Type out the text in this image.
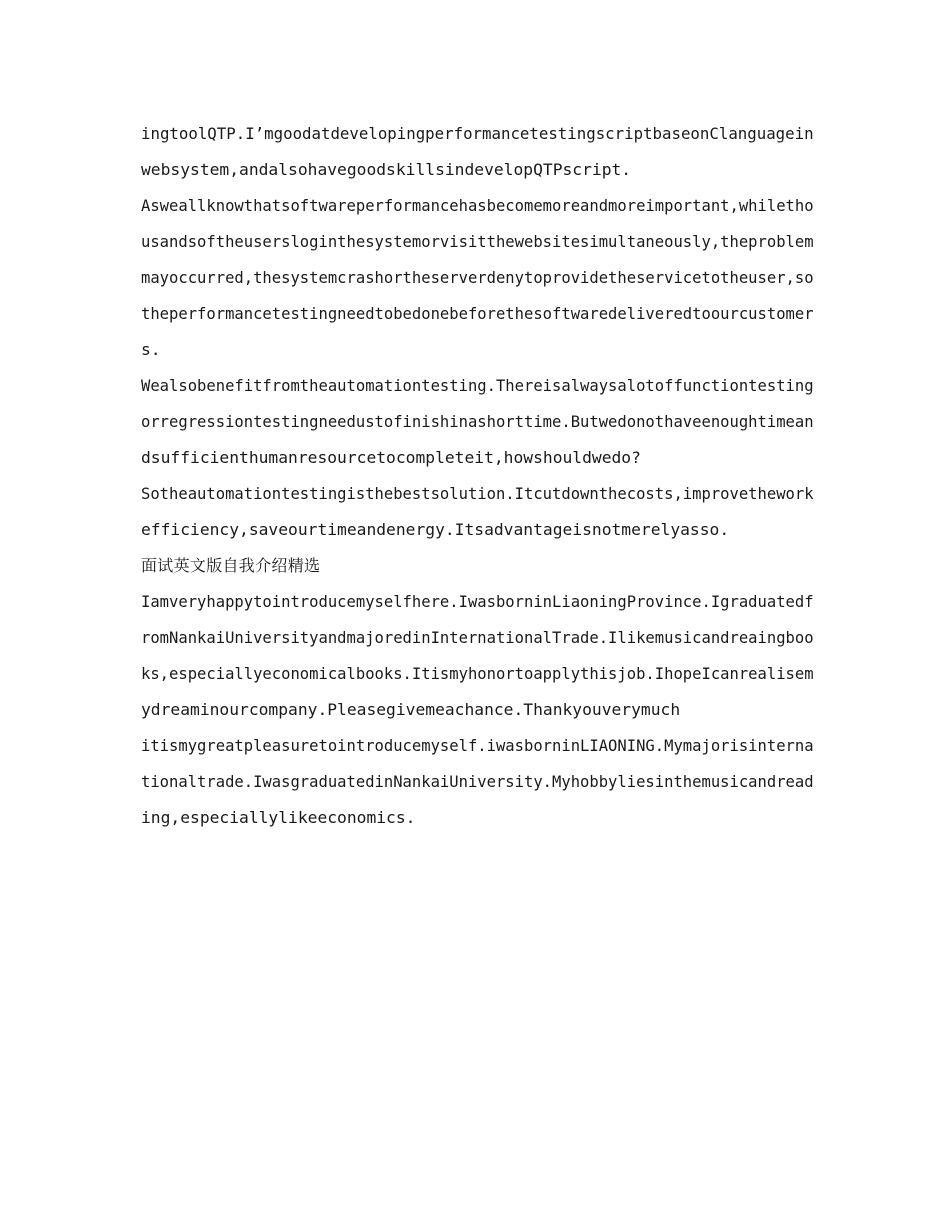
ingtoolQTP.I’mgoodatdevelopingperformancetestingscriptbaseonClanguagein
websystem,andalsohavegoodskillsindevelopQTPscript.
Asweallknowthatsoftwareperformancehasbecomemoreandmoreimportant,whiletho
usandsoftheusersloginthesystemorvisitthewebsitesimultaneously,theproblem
mayoccurred,thesystemcrashortheserverdenytoprovidetheservicetotheuser,so
theperformancetestingneedtobedonebeforethesoftwaredeliveredtoourcustomer
s.
Wealsobenefitfromtheautomationtesting.Thereisalwaysalotoffunctiontesting
orregressiontestingneedustofinishinashorttime.Butwedonothaveenoughtimean
dsufficienthumanresourcetocompleteit,howshouldwedo?
Sotheautomationtestingisthebestsolution.Itcutdownthecosts,improvethework
efficiency,saveourtimeandenergy.Itsadvantageisnotmerelyasso.
面试英文版自我介绍精选
Iamveryhappytointroducemyselfhere.IwasborninLiaoningProvince.Igraduatedf
romNankaiUniversityandmajoredinInternationalTrade.Ilikemusicandreaingboo
ks,especiallyeconomicalbooks.Itismyhonortoapplythisjob.IhopeIcanrealisem
ydreaminourcompany.Pleasegivemeachance.Thankyouverymuch
itismygreatpleasuretointroducemyself.iwasborninLIAONING.Mymajorisinterna
tionaltrade.IwasgraduatedinNankaiUniversity.Myhobbyliesinthemusicandread
ing,especiallylikeeconomics.
